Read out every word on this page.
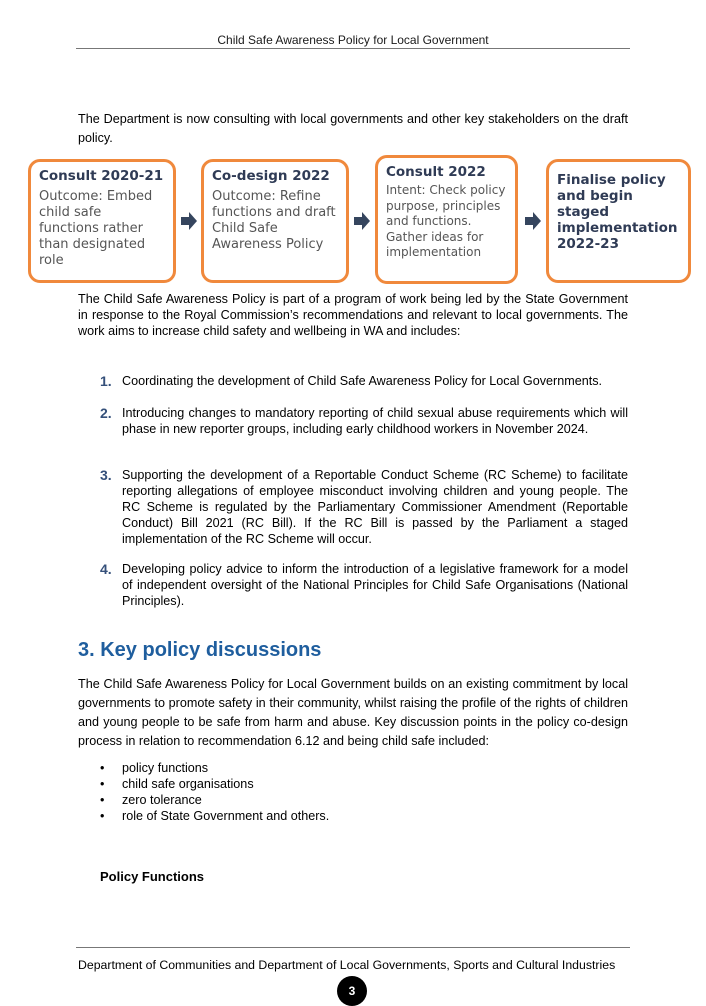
Child Safe Awareness Policy for Local Government
The Department is now consulting with local governments and other key stakeholders on the draft policy.
Consult 2020-21
Outcome: Embed child safe functions rather than designated role
Co-design 2022
Outcome: Refine functions and draft Child Safe Awareness Policy
Consult 2022
Intent: Check policy purpose, principles and functions. Gather ideas for implementation
Finalise policy and begin staged implementation 2022-23
The Child Safe Awareness Policy is part of a program of work being led by the State Government in response to the Royal Commission’s recommendations and relevant to local governments. The work aims to increase child safety and wellbeing in WA and includes:
1. Coordinating the development of Child Safe Awareness Policy for Local Governments.
2. Introducing changes to mandatory reporting of child sexual abuse requirements which will phase in new reporter groups, including early childhood workers in November 2024.
3. Supporting the development of a Reportable Conduct Scheme (RC Scheme) to facilitate reporting allegations of employee misconduct involving children and young people. The RC Scheme is regulated by the Parliamentary Commissioner Amendment (Reportable Conduct) Bill 2021 (RC Bill). If the RC Bill is passed by the Parliament a staged implementation of the RC Scheme will occur.
4. Developing policy advice to inform the introduction of a legislative framework for a model of independent oversight of the National Principles for Child Safe Organisations (National Principles).
3. Key policy discussions
The Child Safe Awareness Policy for Local Government builds on an existing commitment by local governments to promote safety in their community, whilst raising the profile of the rights of children and young people to be safe from harm and abuse. Key discussion points in the policy co-design process in relation to recommendation 6.12 and being child safe included:
• policy functions
• child safe organisations
• zero tolerance
• role of State Government and others.
Policy Functions
Department of Communities and Department of Local Governments, Sports and Cultural Industries
3
